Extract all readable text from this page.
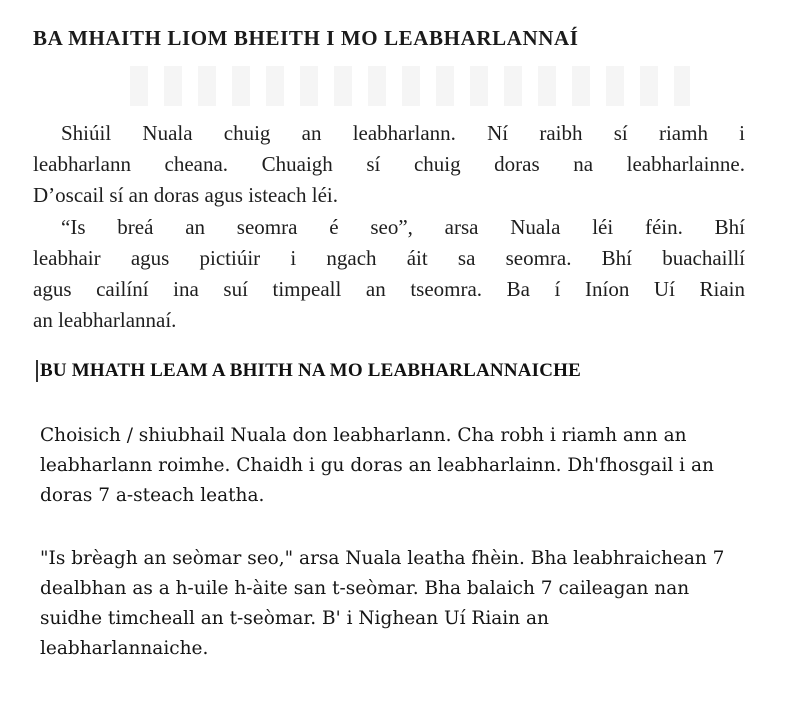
BA MHAITH LIOM BHEITH I MO LEABHARLANNAÍ

Shiúil Nuala chuig an leabharlann. Ní raibh sí riamh i
leabharlann cheana. Chuaigh sí chuig doras na leabharlainne.
D’oscail sí an doras agus isteach léi.

“Is breá an seomra é seo”, arsa Nuala léi féin. Bhí
leabhair agus pictiúir i ngach áit sa seomra. Bhí buachaillí
agus cailíní ina suí timpeall an tseomra. Ba í Iníon Uí Riain
an leabharlannaí.

BU MHATH LEAM A BHITH NA MO LEABHARLANNAICHE

Choisich / shiubhail Nuala don leabharlann. Cha robh i riamh ann an
leabharlann roimhe. Chaidh i gu doras an leabharlainn. Dh'fhosgail i an
doras 7 a-steach leatha.

"Is brèagh an seòmar seo," arsa Nuala leatha fhèin. Bha leabhraichean 7
dealbhan as a h-uile h-àite san t-seòmar. Bha balaich 7 caileagan nan
suidhe timcheall an t-seòmar. B' i Nighean Uí Riain an
leabharlannaiche.
